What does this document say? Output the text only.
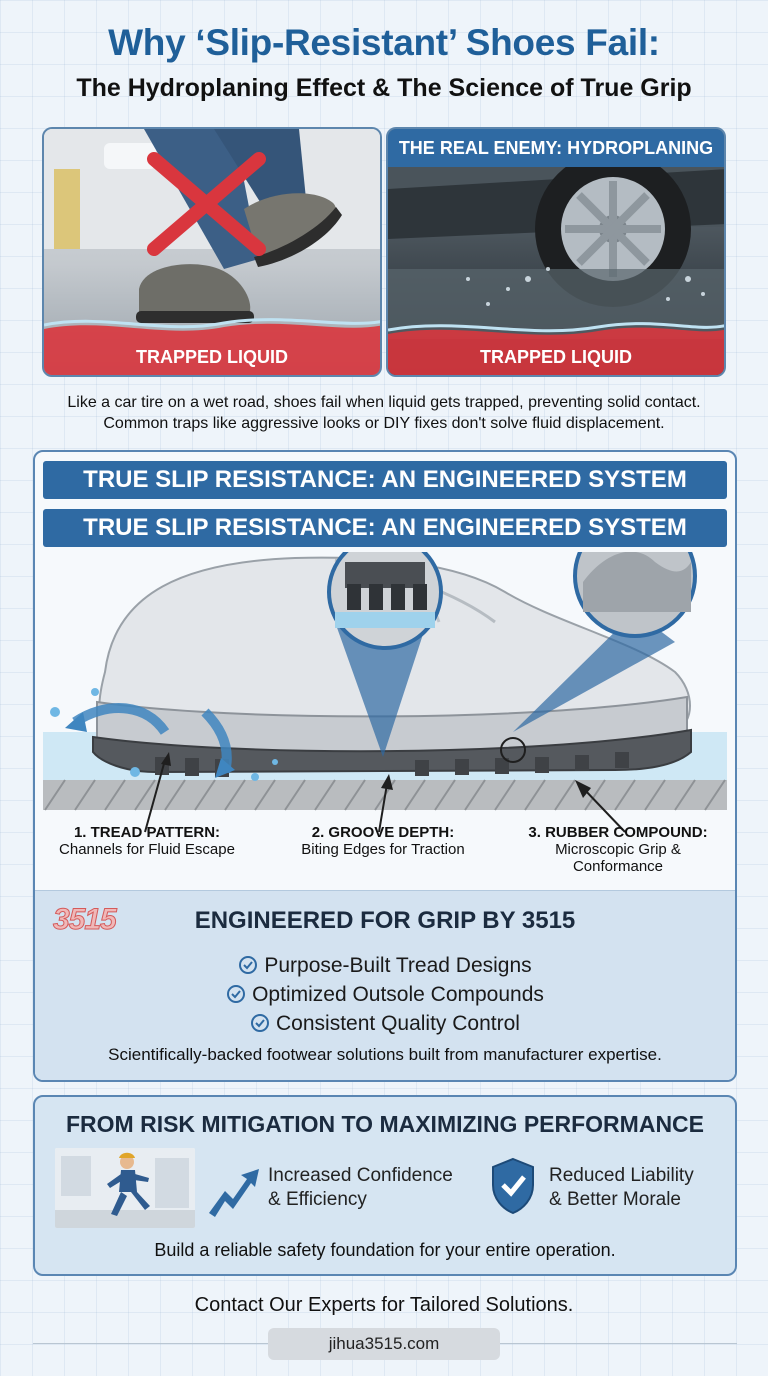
Why ‘Slip-Resistant’ Shoes Fail:
The Hydroplaning Effect & The Science of True Grip
TRAPPED LIQUID
THE REAL ENEMY: HYDROPLANING
TRAPPED LIQUID
Like a car tire on a wet road, shoes fail when liquid gets trapped, preventing solid contact.
Common traps like aggressive looks or DIY fixes don't solve fluid displacement.
TRUE SLIP RESISTANCE: AN ENGINEERED SYSTEM
TRUE SLIP RESISTANCE: AN ENGINEERED SYSTEM
1. TREAD PATTERN:
Channels for Fluid Escape
2. GROOVE DEPTH:
Biting Edges for Traction
3. RUBBER COMPOUND:
Microscopic Grip &
Conformance
3515	ENGINEERED FOR GRIP BY 3515
Purpose-Built Tread Designs
Optimized Outsole Compounds
Consistent Quality Control
Scientifically-backed footwear solutions built from manufacturer expertise.
FROM RISK MITIGATION TO MAXIMIZING PERFORMANCE
Increased Confidence
& Efficiency
Reduced Liability
& Better Morale
Build a reliable safety foundation for your entire operation.
Contact Our Experts for Tailored Solutions.
jihua3515.com
